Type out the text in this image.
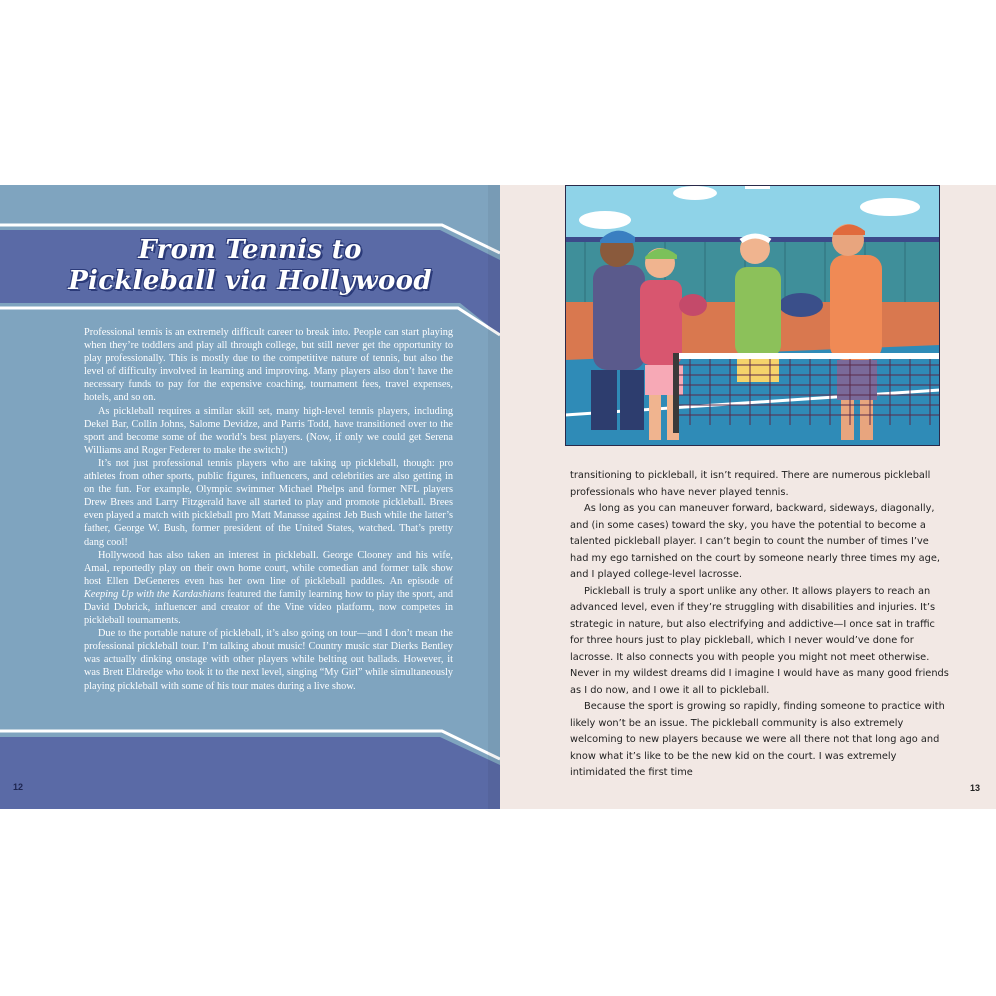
From Tennis to
Pickleball via Hollywood

Professional tennis is an extremely difficult career to break into. People can start playing when they’re toddlers and play all through college, but still never get the opportunity to play professionally. This is mostly due to the competitive nature of tennis, but also the level of difficulty involved in learning and improving. Many players also don’t have the necessary funds to pay for the expensive coaching, tournament fees, travel expenses, hotels, and so on.

As pickleball requires a similar skill set, many high-level tennis players, including Dekel Bar, Collin Johns, Salome Devidze, and Parris Todd, have transitioned over to the sport and become some of the world’s best players. (Now, if only we could get Serena Williams and Roger Federer to make the switch!)

It’s not just professional tennis players who are taking up pickleball, though: pro athletes from other sports, public figures, influencers, and celebrities are also getting in on the fun. For example, Olympic swimmer Michael Phelps and former NFL players Drew Brees and Larry Fitzgerald have all started to play and promote pickleball. Brees even played a match with pickleball pro Matt Manasse against Jeb Bush while the latter’s father, George W. Bush, former president of the United States, watched. That’s pretty dang cool!

Hollywood has also taken an interest in pickleball. George Clooney and his wife, Amal, reportedly play on their own home court, while comedian and former talk show host Ellen DeGeneres even has her own line of pickleball paddles. An episode of Keeping Up with the Kardashians featured the family learning how to play the sport, and David Dobrick, influencer and creator of the Vine video platform, now competes in pickleball tournaments.

Due to the portable nature of pickleball, it’s also going on tour—and I don’t mean the professional pickleball tour. I’m talking about music! Country music star Dierks Bentley was actually dinking onstage with other players while belting out ballads. However, it was Brett Eldredge who took it to the next level, singing “My Girl” while simultaneously playing pickleball with some of his tour mates during a live show.

12

transitioning to pickleball, it isn’t required. There are numerous pickleball professionals who have never played tennis.

As long as you can maneuver forward, backward, sideways, diagonally, and (in some cases) toward the sky, you have the potential to become a talented pickleball player. I can’t begin to count the number of times I’ve had my ego tarnished on the court by someone nearly three times my age, and I played college-level lacrosse.

Pickleball is truly a sport unlike any other. It allows players to reach an advanced level, even if they’re struggling with disabilities and injuries. It’s strategic in nature, but also electrifying and addictive—I once sat in traffic for three hours just to play pickleball, which I never would’ve done for lacrosse. It also connects you with people you might not meet otherwise. Never in my wildest dreams did I imagine I would have as many good friends as I do now, and I owe it all to pickleball.

Because the sport is growing so rapidly, finding someone to practice with likely won’t be an issue. The pickleball community is also extremely welcoming to new players because we were all there not that long ago and know what it’s like to be the new kid on the court. I was extremely intimidated the first time

13
